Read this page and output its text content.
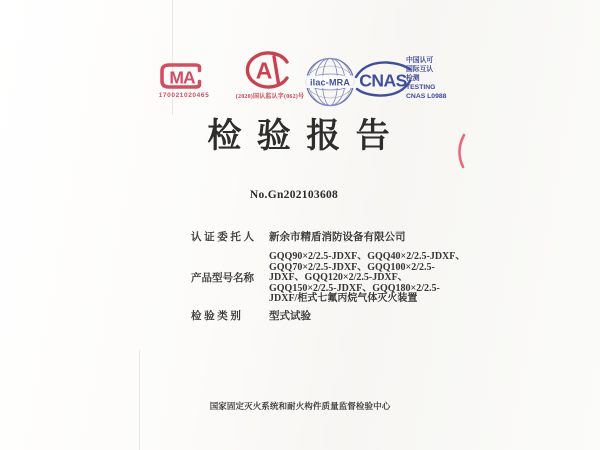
MA
170021020465
A
(2020)国认监认字(062)号
ilac-MRA CNAS
中国认可
国际互认
检测
TESTING
CNAS L0988
检 验 报 告
No.Gn202103608
认 证 委 托 人	新余市精盾消防设备有限公司
产品型号名称
GQQ90×2/2.5-JDXF、GQQ40×2/2.5-JDXF、
GQQ70×2/2.5-JDXF、GQQ100×2/2.5-
JDXF、GQQ120×2/2.5-JDXF、
GQQ150×2/2.5-JDXF、GQQ180×2/2.5-
JDXF/柜式七氟丙烷气体灭火装置
检 验 类 别	型式试验
国家固定灭火系统和耐火构件质量监督检验中心
